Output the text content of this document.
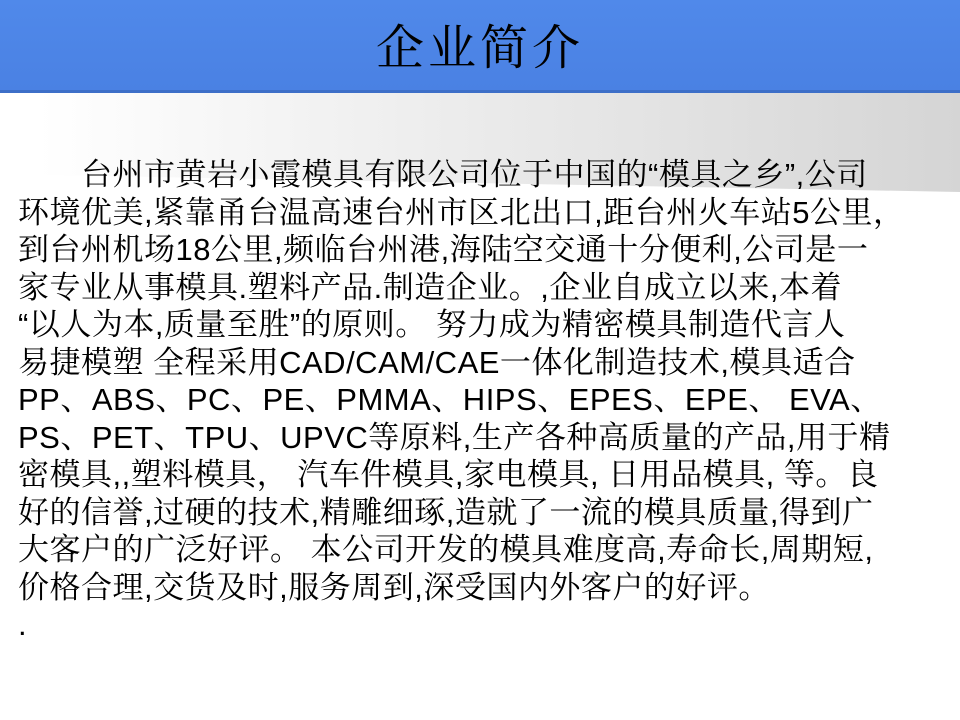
企业简介
　　台州市黄岩小霞模具有限公司位于中国的“模具之乡”,公司
环境优美,紧靠甬台温高速台州市区北出口,距台州火车站5公里，
到台州机场18公里,频临台州港,海陆空交通十分便利,公司是一
家专业从事模具.塑料产品.制造企业。,企业自成立以来,本着
“以人为本,质量至胜”的原则。 努力成为精密模具制造代言人
易捷模塑 全程采用CAD/CAM/CAE一体化制造技术,模具适合
PP、ABS、PC、PE、PMMA、HIPS、EPES、EPE、 EVA、
PS、PET、TPU、UPVC等原料,生产各种高质量的产品,用于精
密模具,,塑料模具， 汽车件模具,家电模具, 日用品模具, 等。良
好的信誉,过硬的技术,精雕细琢,造就了一流的模具质量,得到广
大客户的广泛好评。 本公司开发的模具难度高,寿命长,周期短,
价格合理,交货及时,服务周到,深受国内外客户的好评。
.
